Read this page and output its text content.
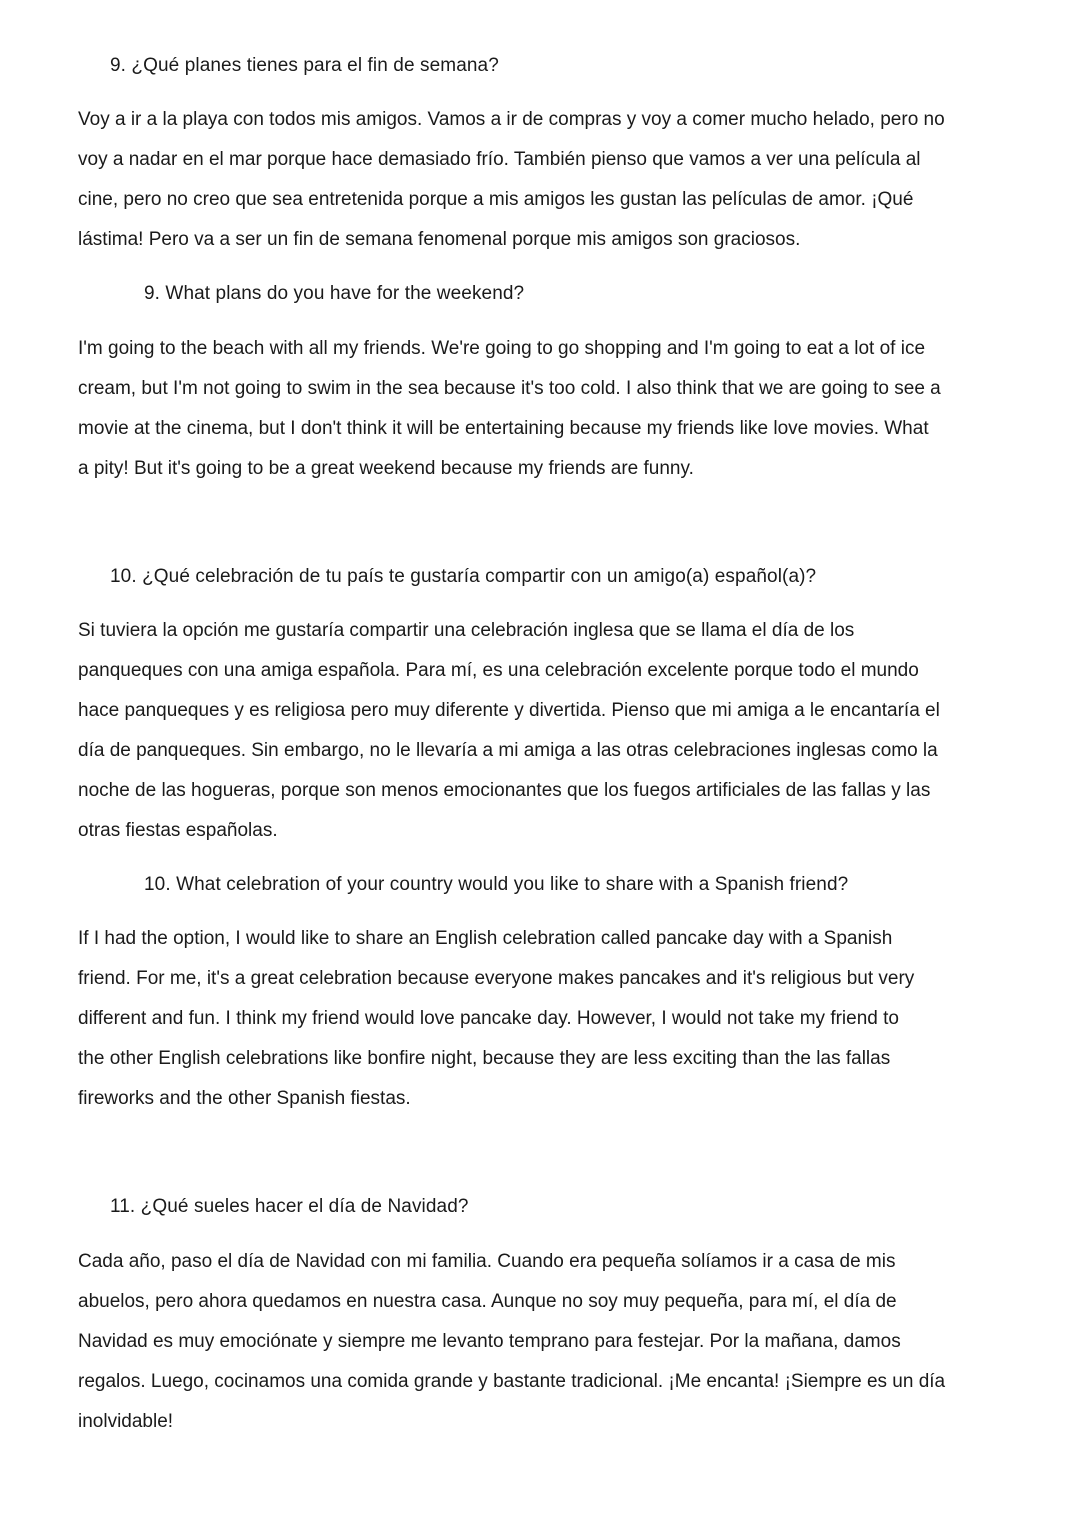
9. ¿Qué planes tienes para el fin de semana?

Voy a ir a la playa con todos mis amigos. Vamos a ir de compras y voy a comer mucho helado, pero no
voy a nadar en el mar porque hace demasiado frío. También pienso que vamos a ver una película al
cine, pero no creo que sea entretenida porque a mis amigos les gustan las películas de amor. ¡Qué
lástima! Pero va a ser un fin de semana fenomenal porque mis amigos son graciosos.

9. What plans do you have for the weekend?

I'm going to the beach with all my friends. We're going to go shopping and I'm going to eat a lot of ice
cream, but I'm not going to swim in the sea because it's too cold. I also think that we are going to see a
movie at the cinema, but I don't think it will be entertaining because my friends like love movies. What
a pity! But it's going to be a great weekend because my friends are funny.

10. ¿Qué celebración de tu país te gustaría compartir con un amigo(a) español(a)?

Si tuviera la opción me gustaría compartir una celebración inglesa que se llama el día de los
panqueques con una amiga española. Para mí, es una celebración excelente porque todo el mundo
hace panqueques y es religiosa pero muy diferente y divertida. Pienso que mi amiga a le encantaría el
día de panqueques. Sin embargo, no le llevaría a mi amiga a las otras celebraciones inglesas como la
noche de las hogueras, porque son menos emocionantes que los fuegos artificiales de las fallas y las
otras fiestas españolas.

10. What celebration of your country would you like to share with a Spanish friend?

If I had the option, I would like to share an English celebration called pancake day with a Spanish
friend. For me, it's a great celebration because everyone makes pancakes and it's religious but very
different and fun. I think my friend would love pancake day. However, I would not take my friend to
the other English celebrations like bonfire night, because they are less exciting than the las fallas
fireworks and the other Spanish fiestas.

11. ¿Qué sueles hacer el día de Navidad?

Cada año, paso el día de Navidad con mi familia. Cuando era pequeña solíamos ir a casa de mis
abuelos, pero ahora quedamos en nuestra casa. Aunque no soy muy pequeña, para mí, el día de
Navidad es muy emociónate y siempre me levanto temprano para festejar. Por la mañana, damos
regalos. Luego, cocinamos una comida grande y bastante tradicional. ¡Me encanta! ¡Siempre es un día
inolvidable!
